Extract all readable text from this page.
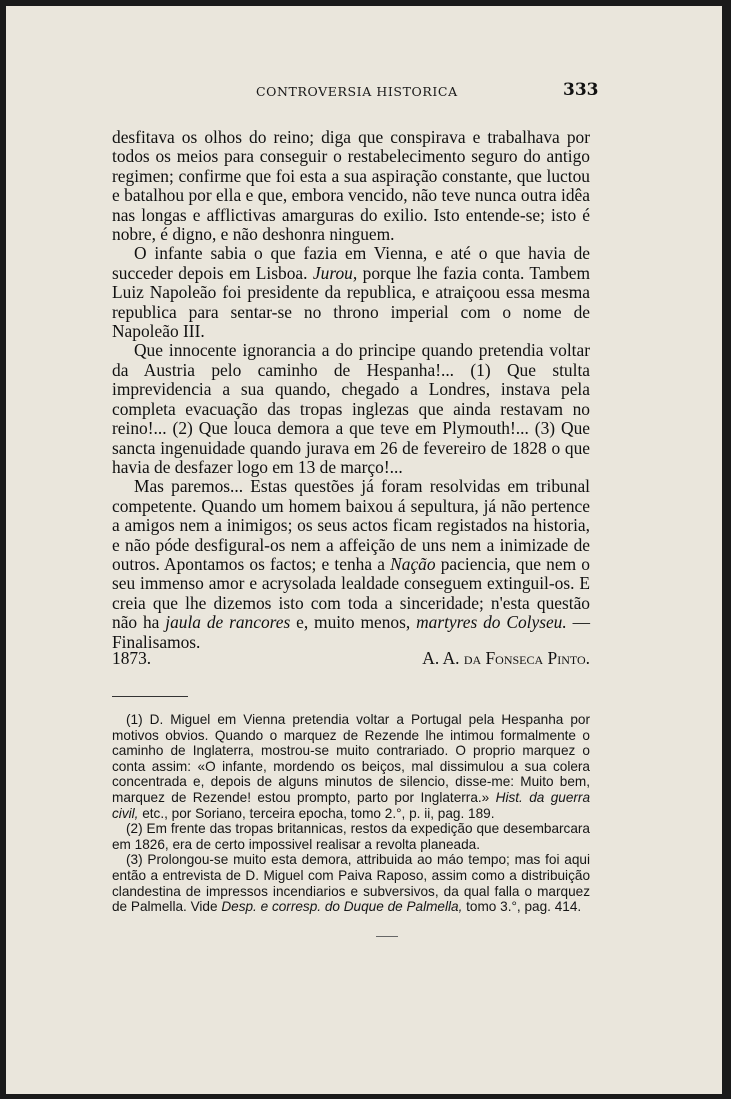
CONTROVERSIA HISTORICA	333

desfitava os olhos do reino; diga que conspirava e trabalhava por todos os meios para conseguir o restabelecimento seguro do antigo regimen; confirme que foi esta a sua aspiração constante, que luctou e batalhou por ella e que, embora vencido, não teve nunca outra idêa nas longas e afflictivas amarguras do exilio. Isto entende-se; isto é nobre, é digno, e não deshonra ninguem.

O infante sabia o que fazia em Vienna, e até o que havia de succeder depois em Lisboa. Jurou, porque lhe fazia conta. Tambem Luiz Napoleão foi presidente da republica, e atraiçoou essa mesma republica para sentar-se no throno imperial com o nome de Napoleão III.

Que innocente ignorancia a do principe quando pretendia voltar da Austria pelo caminho de Hespanha!... (1) Que stulta imprevidencia a sua quando, chegado a Londres, instava pela completa evacuação das tropas inglezas que ainda restavam no reino!... (2) Que louca demora a que teve em Plymouth!... (3) Que sancta ingenuidade quando jurava em 26 de fevereiro de 1828 o que havia de desfazer logo em 13 de março!...

Mas paremos... Estas questões já foram resolvidas em tribunal competente. Quando um homem baixou á sepultura, já não pertence a amigos nem a inimigos; os seus actos ficam registados na historia, e não póde desfigural-os nem a affeição de uns nem a inimizade de outros. Apontamos os factos; e tenha a Nação paciencia, que nem o seu immenso amor e acrysolada lealdade conseguem extinguil-os. E creia que lhe dizemos isto com toda a sinceridade; n'esta questão não ha jaula de rancores e, muito menos, martyres do Colyseu. — Finalisamos.

1873.	A. A. da Fonseca Pinto.

(1) D. Miguel em Vienna pretendia voltar a Portugal pela Hespanha por motivos obvios. Quando o marquez de Rezende lhe intimou formalmente o caminho de Inglaterra, mostrou-se muito contrariado. O proprio marquez o conta assim: «O infante, mordendo os beiços, mal dissimulou a sua colera concentrada e, depois de alguns minutos de silencio, disse-me: Muito bem, marquez de Rezende! estou prompto, parto por Inglaterra.» Hist. da guerra civil, etc., por Soriano, terceira epocha, tomo 2.°, p. ii, pag. 189.

(2) Em frente das tropas britannicas, restos da expedição que desembarcara em 1826, era de certo impossivel realisar a revolta planeada.

(3) Prolongou-se muito esta demora, attribuida ao máo tempo; mas foi aqui então a entrevista de D. Miguel com Paiva Raposo, assim como a distribuição clandestina de impressos incendiarios e subversivos, da qual falla o marquez de Palmella. Vide Desp. e corresp. do Duque de Palmella, tomo 3.°, pag. 414.
